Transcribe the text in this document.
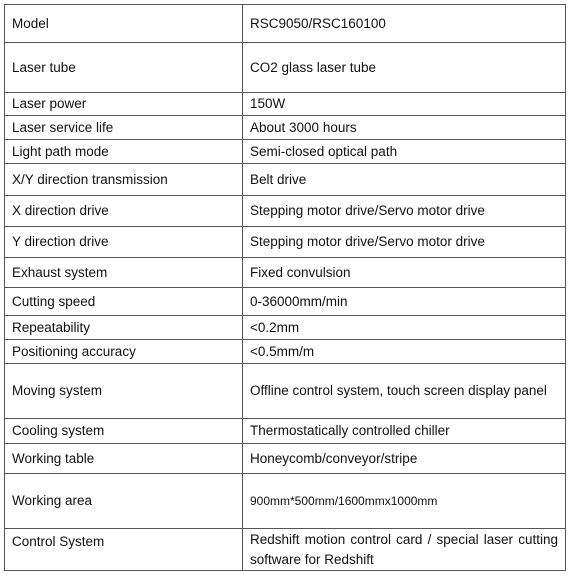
Model	RSC9050/RSC160100
Laser tube	CO2 glass laser tube
Laser power	150W
Laser service life	About 3000 hours
Light path mode	Semi-closed optical path
X/Y direction transmission	Belt drive
X direction drive	Stepping motor drive/Servo motor drive
Y direction drive	Stepping motor drive/Servo motor drive
Exhaust system	Fixed convulsion
Cutting speed	0-36000mm/min
Repeatability	<0.2mm
Positioning accuracy	<0.5mm/m
Moving system	Offline control system, touch screen display panel
Cooling system	Thermostatically controlled chiller
Working table	Honeycomb/conveyor/stripe
Working area	900mm*500mm/1600mmx1000mm
Control System	Redshift motion control card / special laser cutting software for Redshift
